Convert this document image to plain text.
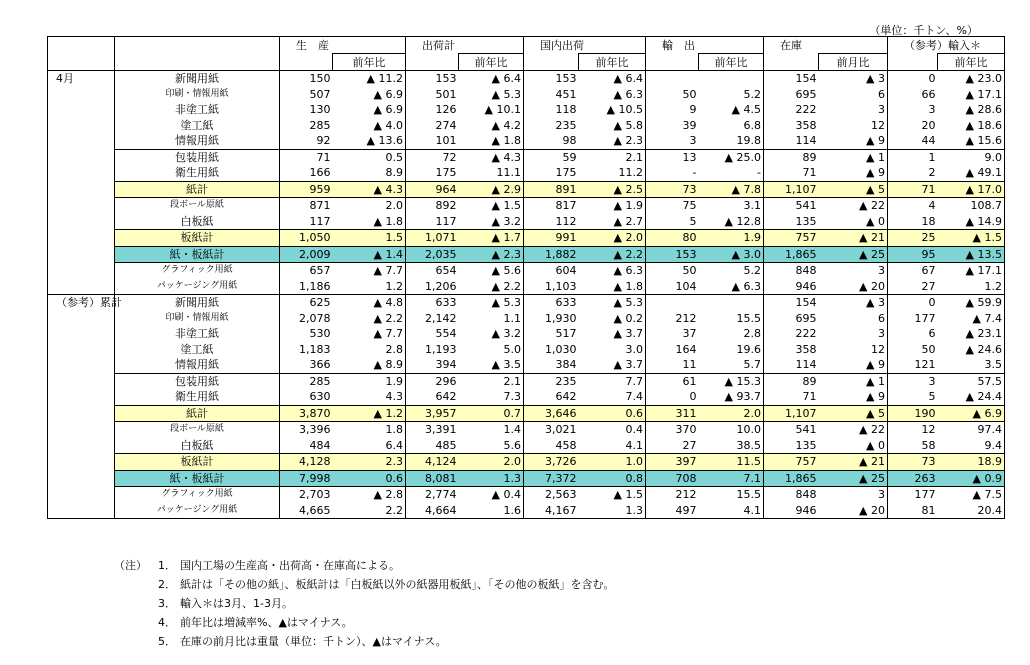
（単位：千トン、%）
		生　産		出荷計		国内出荷		輸　出		在庫		（参考）輸入＊	
			前年比		前年比		前年比		前年比		前月比		前年比
4月	新聞用紙	150	▲ 11.2	153	▲ 6.4	153	▲ 6.4			154	▲ 3	0	▲ 23.0
	印刷・情報用紙	507	▲ 6.9	501	▲ 5.3	451	▲ 6.3	50	5.2	695	6	66	▲ 17.1
	非塗工紙	130	▲ 6.9	126	▲ 10.1	118	▲ 10.5	9	▲ 4.5	222	3	3	▲ 28.6
	塗工紙	285	▲ 4.0	274	▲ 4.2	235	▲ 5.8	39	6.8	358	12	20	▲ 18.6
	情報用紙	92	▲ 13.6	101	▲ 1.8	98	▲ 2.3	3	19.8	114	▲ 9	44	▲ 15.6
	包装用紙	71	0.5	72	▲ 4.3	59	2.1	13	▲ 25.0	89	▲ 1	1	9.0
	衛生用紙	166	8.9	175	11.1	175	11.2	-	-	71	▲ 9	2	▲ 49.1
	紙計	959	▲ 4.3	964	▲ 2.9	891	▲ 2.5	73	▲ 7.8	1,107	▲ 5	71	▲ 17.0
	段ボール原紙	871	2.0	892	▲ 1.5	817	▲ 1.9	75	3.1	541	▲ 22	4	108.7
	白板紙	117	▲ 1.8	117	▲ 3.2	112	▲ 2.7	5	▲ 12.8	135	▲ 0	18	▲ 14.9
	板紙計	1,050	1.5	1,071	▲ 1.7	991	▲ 2.0	80	1.9	757	▲ 21	25	▲ 1.5
	紙・板紙計	2,009	▲ 1.4	2,035	▲ 2.3	1,882	▲ 2.2	153	▲ 3.0	1,865	▲ 25	95	▲ 13.5
	グラフィック用紙	657	▲ 7.7	654	▲ 5.6	604	▲ 6.3	50	5.2	848	3	67	▲ 17.1
	パッケージング用紙	1,186	1.2	1,206	▲ 2.2	1,103	▲ 1.8	104	▲ 6.3	946	▲ 20	27	1.2
（参考）累計	新聞用紙	625	▲ 4.8	633	▲ 5.3	633	▲ 5.3			154	▲ 3	0	▲ 59.9
	印刷・情報用紙	2,078	▲ 2.2	2,142	1.1	1,930	▲ 0.2	212	15.5	695	6	177	▲ 7.4
	非塗工紙	530	▲ 7.7	554	▲ 3.2	517	▲ 3.7	37	2.8	222	3	6	▲ 23.1
	塗工紙	1,183	2.8	1,193	5.0	1,030	3.0	164	19.6	358	12	50	▲ 24.6
	情報用紙	366	▲ 8.9	394	▲ 3.5	384	▲ 3.7	11	5.7	114	▲ 9	121	3.5
	包装用紙	285	1.9	296	2.1	235	7.7	61	▲ 15.3	89	▲ 1	3	57.5
	衛生用紙	630	4.3	642	7.3	642	7.4	0	▲ 93.7	71	▲ 9	5	▲ 24.4
	紙計	3,870	▲ 1.2	3,957	0.7	3,646	0.6	311	2.0	1,107	▲ 5	190	▲ 6.9
	段ボール原紙	3,396	1.8	3,391	1.4	3,021	0.4	370	10.0	541	▲ 22	12	97.4
	白板紙	484	6.4	485	5.6	458	4.1	27	38.5	135	▲ 0	58	9.4
	板紙計	4,128	2.3	4,124	2.0	3,726	1.0	397	11.5	757	▲ 21	73	18.9
	紙・板紙計	7,998	0.6	8,081	1.3	7,372	0.8	708	7.1	1,865	▲ 25	263	▲ 0.9
	グラフィック用紙	2,703	▲ 2.8	2,774	▲ 0.4	2,563	▲ 1.5	212	15.5	848	3	177	▲ 7.5
	パッケージング用紙	4,665	2.2	4,664	1.6	4,167	1.3	497	4.1	946	▲ 20	81	20.4
（注） 1． 国内工場の生産高・出荷高・在庫高による。
2． 紙計は「その他の紙」、板紙計は「白板紙以外の紙器用板紙」、「その他の板紙」を含む。
3． 輸入＊は3月、1-3月。
4． 前年比は増減率%、▲はマイナス。
5． 在庫の前月比は重量（単位：千トン）、▲はマイナス。
